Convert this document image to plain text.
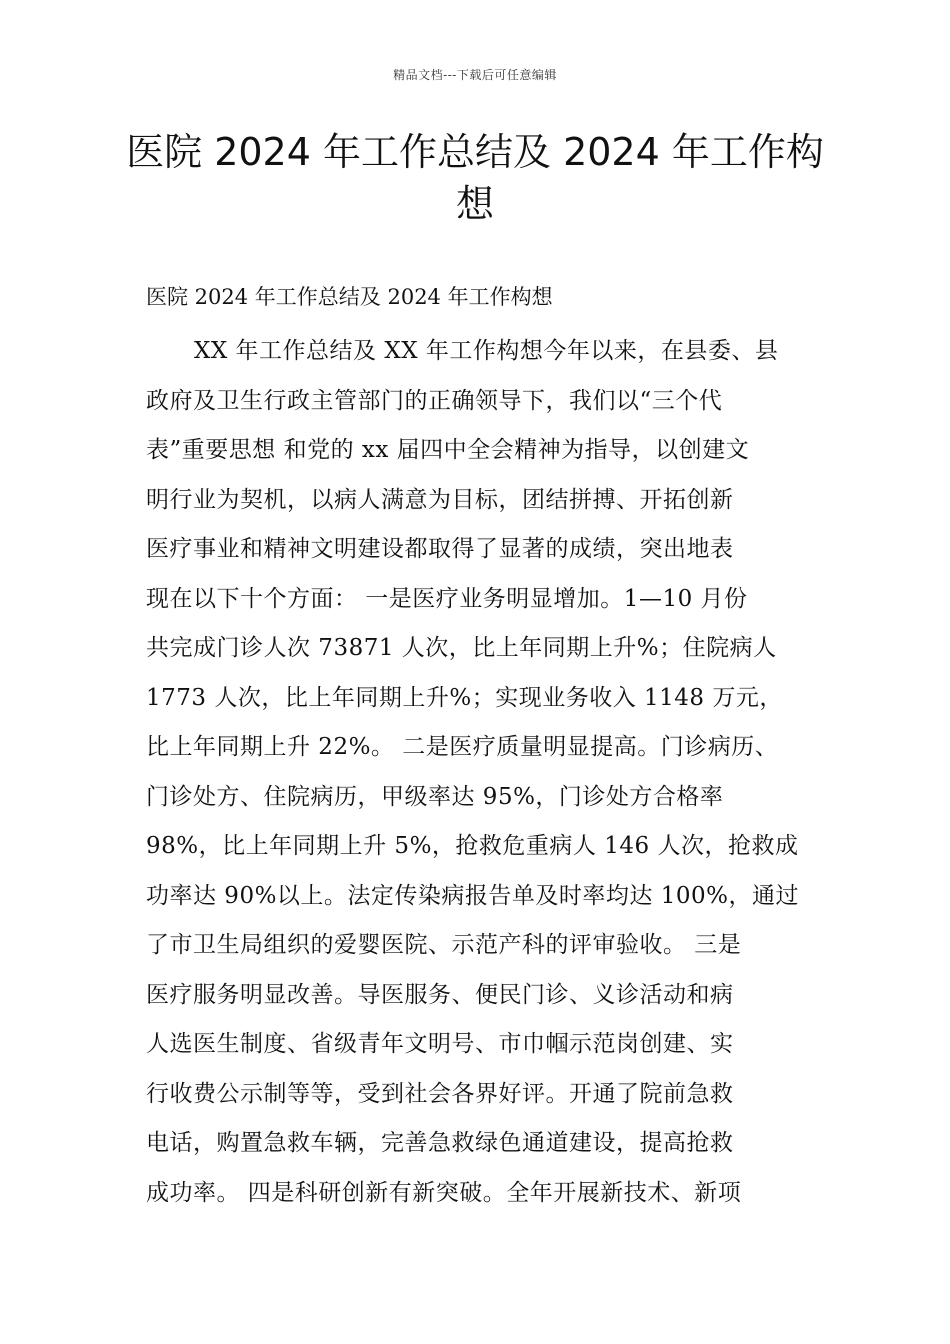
精品文档---下载后可任意编辑
医院 2024 年工作总结及 2024 年工作构
想

医院 2024 年工作总结及 2024 年工作构想

XX 年工作总结及 XX 年工作构想今年以来，在县委、县

政府及卫生行政主管部门的正确领导下，我们以“三个代

表”重要思想 和党的 xx 届四中全会精神为指导，以创建文

明行业为契机，以病人满意为目标，团结拼搏、开拓创新

医疗事业和精神文明建设都取得了显著的成绩，突出地表

现在以下十个方面： 一是医疗业务明显增加。1—10 月份

共完成门诊人次 73871 人次，比上年同期上升%；住院病人

1773 人次，比上年同期上升%；实现业务收入 1148 万元，

比上年同期上升 22%。 二是医疗质量明显提高。门诊病历、

门诊处方、住院病历，甲级率达 95%，门诊处方合格率

98%，比上年同期上升 5%，抢救危重病人 146 人次，抢救成

功率达 90%以上。法定传染病报告单及时率均达 100%，通过

了市卫生局组织的爱婴医院、示范产科的评审验收。 三是

医疗服务明显改善。导医服务、便民门诊、义诊活动和病

人选医生制度、省级青年文明号、市巾帼示范岗创建、实

行收费公示制等等，受到社会各界好评。开通了院前急救

电话，购置急救车辆，完善急救绿色通道建设，提高抢救

成功率。 四是科研创新有新突破。全年开展新技术、新项
